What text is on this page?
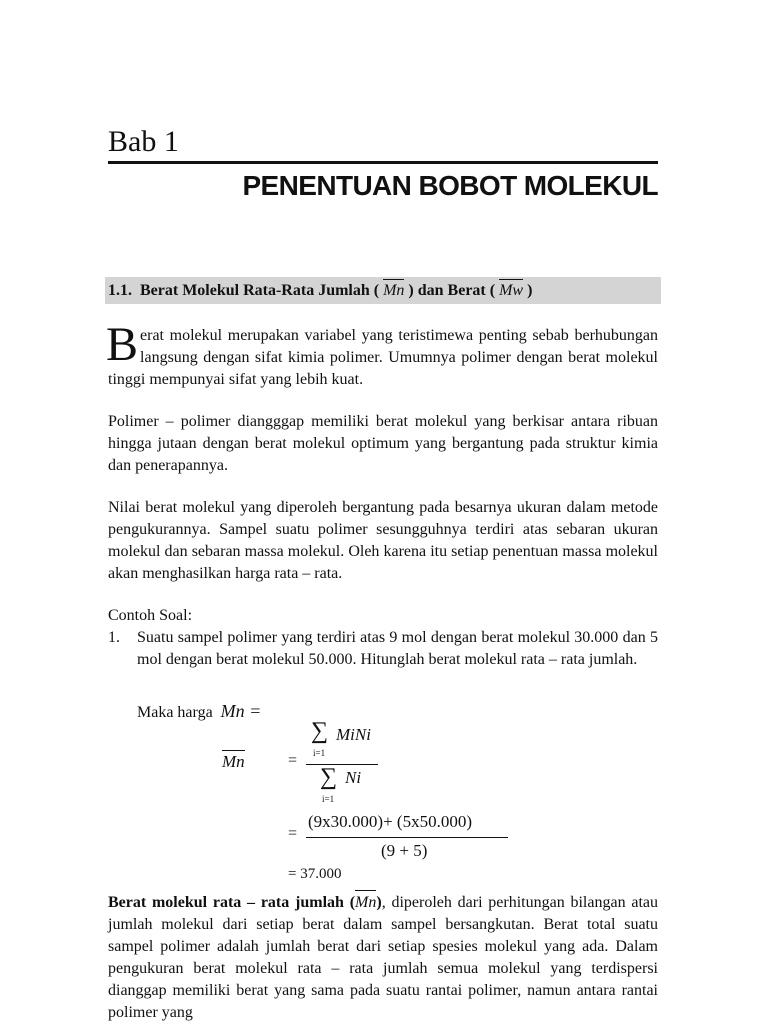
Bab 1
PENENTUAN BOBOT MOLEKUL
1.1. Berat Molekul Rata-Rata Jumlah ( Mn ) dan Berat ( Mw )

Berat molekul merupakan variabel yang teristimewa penting sebab berhubungan langsung dengan sifat kimia polimer. Umumnya polimer dengan berat molekul tinggi mempunyai sifat yang lebih kuat.

Polimer – polimer diangggap memiliki berat molekul yang berkisar antara ribuan hingga jutaan dengan berat molekul optimum yang bergantung pada struktur kimia dan penerapannya.

Nilai berat molekul yang diperoleh bergantung pada besarnya ukuran dalam metode pengukurannya. Sampel suatu polimer sesungguhnya terdiri atas sebaran ukuran molekul dan sebaran massa molekul. Oleh karena itu setiap penentuan massa molekul akan menghasilkan harga rata – rata.

Contoh Soal:
1. Suatu sampel polimer yang terdiri atas 9 mol dengan berat molekul 30.000 dan 5 mol dengan berat molekul 50.000. Hitunglah berat molekul rata – rata jumlah.

Maka harga Mn =
Mn	=
∑
i=1
MiNi
∑
i=1
Ni
=
(9x30.000)+ (5x50.000)
(9 + 5)
= 37.000

Berat molekul rata – rata jumlah (Mn), diperoleh dari perhitungan bilangan atau jumlah molekul dari setiap berat dalam sampel bersangkutan. Berat total suatu sampel polimer adalah jumlah berat dari setiap spesies molekul yang ada. Dalam pengukuran berat molekul rata – rata jumlah semua molekul yang terdispersi dianggap memiliki berat yang sama pada suatu rantai polimer, namun antara rantai polimer yang
